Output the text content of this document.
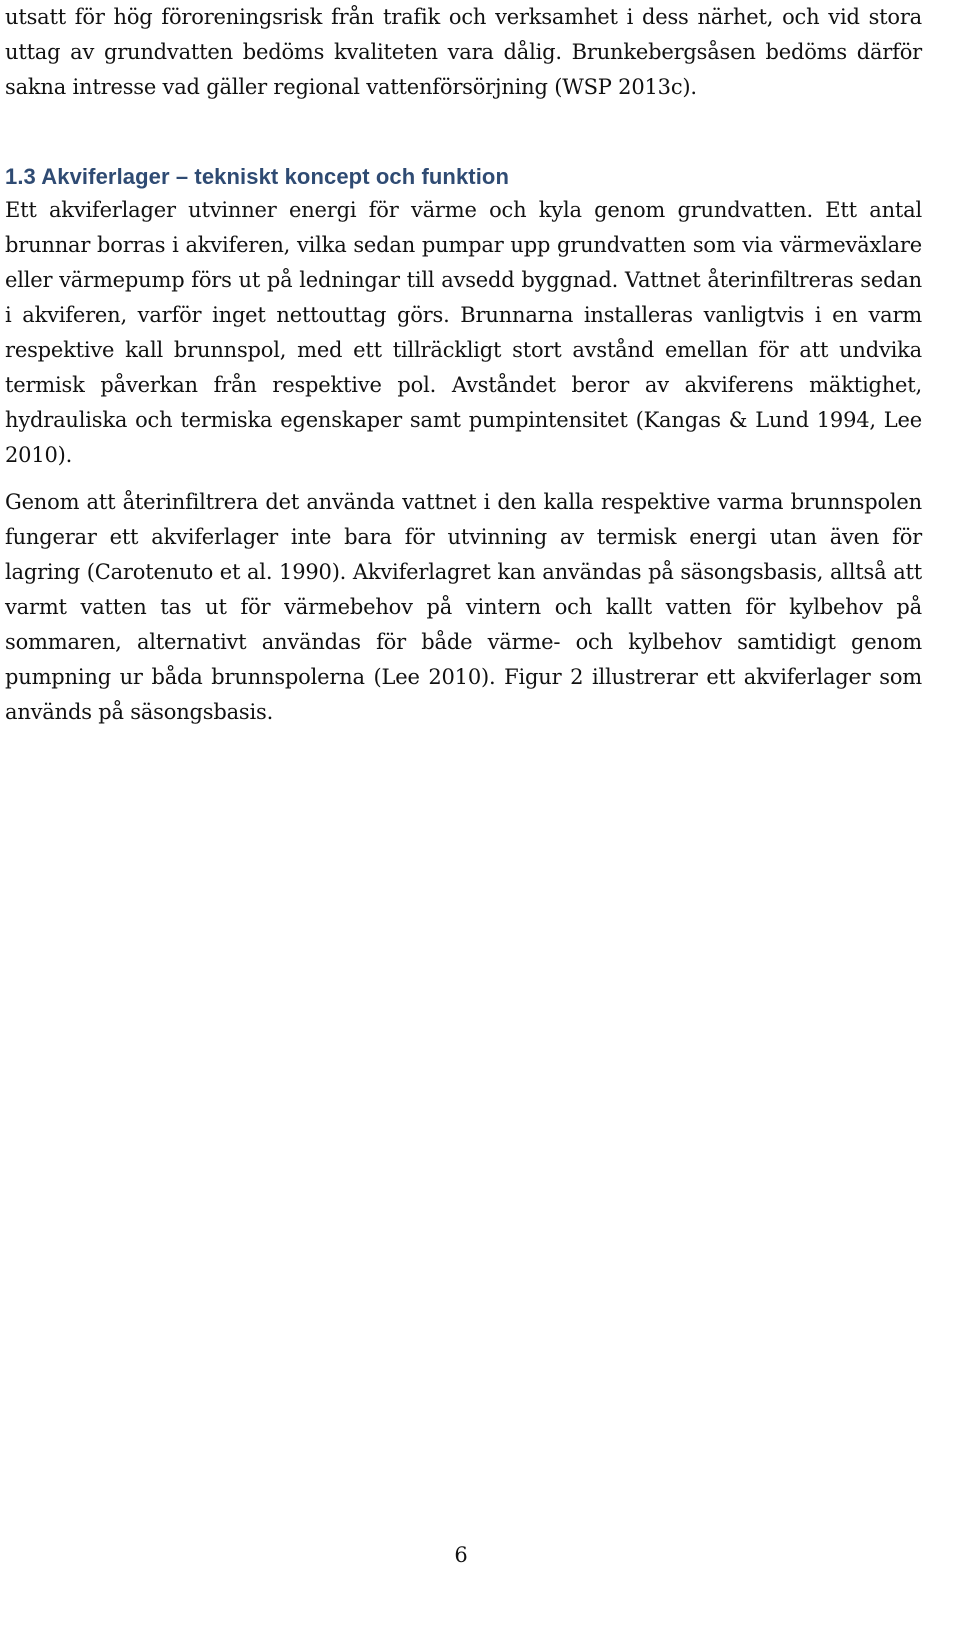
utsatt för hög föroreningsrisk från trafik och verksamhet i dess närhet, och vid stora uttag av grundvatten bedöms kvaliteten vara dålig. Brunkebergsåsen bedöms därför sakna intresse vad gäller regional vattenförsörjning (WSP 2013c).

1.3 Akviferlager – tekniskt koncept och funktion

Ett akviferlager utvinner energi för värme och kyla genom grundvatten. Ett antal brunnar borras i akviferen, vilka sedan pumpar upp grundvatten som via värmeväxlare eller värmepump förs ut på ledningar till avsedd byggnad. Vattnet återinfiltreras sedan i akviferen, varför inget nettouttag görs. Brunnarna installeras vanligtvis i en varm respektive kall brunnspol, med ett tillräckligt stort avstånd emellan för att undvika termisk påverkan från respektive pol. Avståndet beror av akviferens mäktighet, hydrauliska och termiska egenskaper samt pumpintensitet (Kangas & Lund 1994, Lee 2010).

Genom att återinfiltrera det använda vattnet i den kalla respektive varma brunnspolen fungerar ett akviferlager inte bara för utvinning av termisk energi utan även för lagring (Carotenuto et al. 1990). Akviferlagret kan användas på säsongsbasis, alltså att varmt vatten tas ut för värmebehov på vintern och kallt vatten för kylbehov på sommaren, alternativt användas för både värme- och kylbehov samtidigt genom pumpning ur båda brunnspolerna (Lee 2010). Figur 2 illustrerar ett akviferlager som används på säsongsbasis.

6
